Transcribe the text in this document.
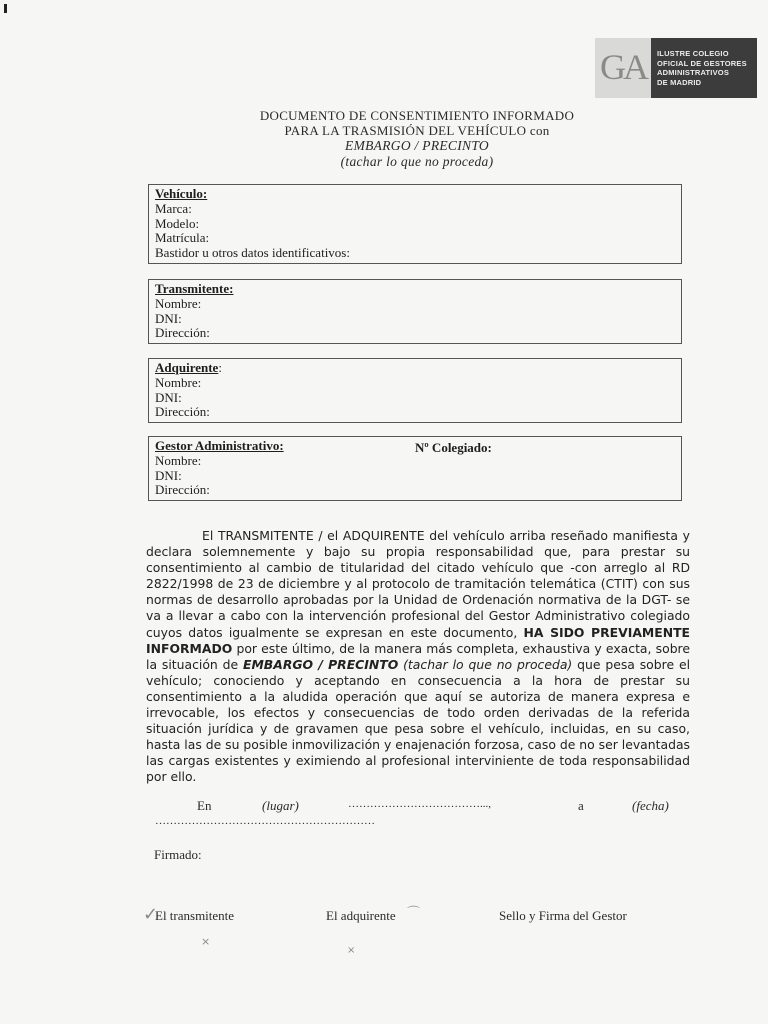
GA	ILUSTRE COLEGIO
OFICIAL DE GESTORES
ADMINISTRATIVOS
DE MADRID
DOCUMENTO DE CONSENTIMIENTO INFORMADO
PARA LA TRASMISIÓN DEL VEHÍCULO con
EMBARGO / PRECINTO
(tachar lo que no proceda)
Vehículo:
Marca:
Modelo:
Matrícula:
Bastidor u otros datos identificativos:
Transmitente:
Nombre:
DNI:
Dirección:
Adquirente:
Nombre:
DNI:
Dirección:
Gestor Administrativo:	Nº Colegiado:
Nombre:
DNI:
Dirección:
El TRANSMITENTE / el ADQUIRENTE del vehículo arriba reseñado manifiesta y declara solemnemente y bajo su propia responsabilidad que, para prestar su consentimiento al cambio de titularidad del citado vehículo que -con arreglo al RD 2822/1998 de 23 de diciembre y al protocolo de tramitación telemática (CTIT) con sus normas de desarrollo aprobadas por la Unidad de Ordenación normativa de la DGT- se va a llevar a cabo con la intervención profesional del Gestor Administrativo colegiado cuyos datos igualmente se expresan en este documento, HA SIDO PREVIAMENTE INFORMADO por este último, de la manera más completa, exhaustiva y exacta, sobre la situación de EMBARGO / PRECINTO (tachar lo que no proceda) que pesa sobre el vehículo; conociendo y aceptando en consecuencia a la hora de prestar su consentimiento a la aludida operación que aquí se autoriza de manera expresa e irrevocable, los efectos y consecuencias de todo orden derivadas de la referida situación jurídica y de gravamen que pesa sobre el vehículo, incluidas, en su caso, hasta las de su posible inmovilización y enajenación forzosa, caso de no ser levantadas las cargas existentes y eximiendo al profesional interviniente de toda responsabilidad por ello.
En	(lugar)	………………………………...,	a	(fecha)
……………………………………………………
Firmado:
El transmitente	El adquirente	Sello y Firma del Gestor
✓	⌒
×
×
